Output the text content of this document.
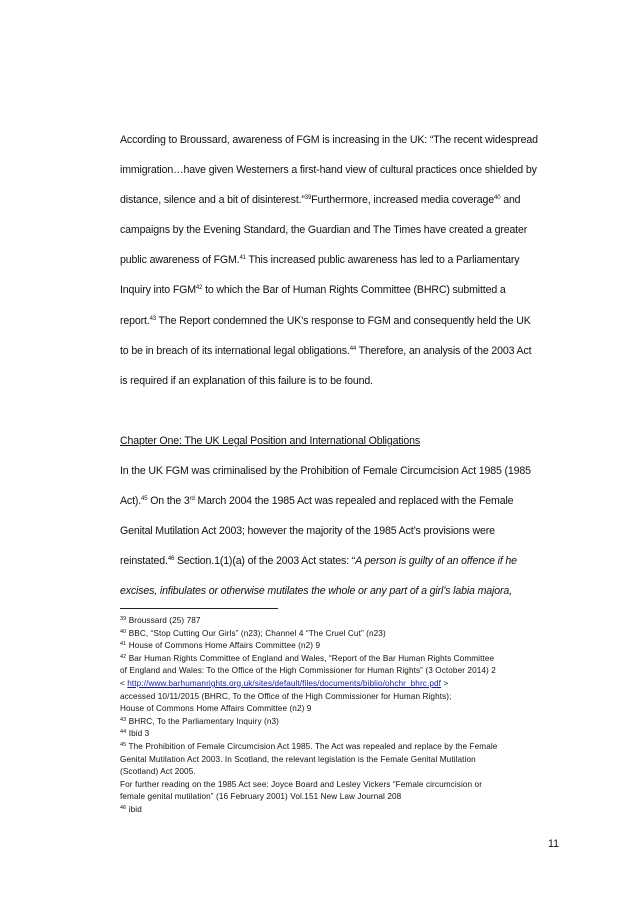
According to Broussard, awareness of FGM is increasing in the UK: “The recent widespread
immigration…have given Westerners a first-hand view of cultural practices once shielded by
distance, silence and a bit of disinterest.”$^{39}$Furthermore, increased media coverage$^{40}$ and
campaigns by the Evening Standard, the Guardian and The Times have created a greater
public awareness of FGM.$^{41}$ This increased public awareness has led to a Parliamentary
Inquiry into FGM$^{42}$ to which the Bar of Human Rights Committee (BHRC) submitted a
report.$^{43}$ The Report condemned the UK’s response to FGM and consequently held the UK
to be in breach of its international legal obligations.$^{44}$ Therefore, an analysis of the 2003 Act
is required if an explanation of this failure is to be found.
Chapter One: The UK Legal Position and International Obligations
In the UK FGM was criminalised by the Prohibition of Female Circumcision Act 1985 (1985
Act).$^{45}$ On the 3rd March 2004 the 1985 Act was repealed and replaced with the Female
Genital Mutilation Act 2003; however the majority of the 1985 Act’s provisions were
reinstated.$^{46}$ Section.1(1)(a) of the 2003 Act states: “A person is guilty of an offence if he
excises, infibulates or otherwise mutilates the whole or any part of a girl’s labia majora,
$^{39}$ Broussard (25) 787
$^{40}$ BBC, “Stop Cutting Our Girls” (n23); Channel 4 “The Cruel Cut” (n23)
$^{41}$ House of Commons Home Affairs Committee (n2) 9
$^{42}$ Bar Human Rights Committee of England and Wales, “Report of the Bar Human Rights Committee
of England and Wales: To the Office of the High Commissioner for Human Rights” (3 October 2014) 2
< http://www.barhumanrights.org.uk/sites/default/files/documents/biblio/ohchr_bhrc.pdf >
accessed 10/11/2015 (BHRC, To the Office of the High Commissioner for Human Rights);
House of Commons Home Affairs Committee (n2) 9
$^{43}$ BHRC, To the Parliamentary Inquiry (n3)
$^{44}$ Ibid 3
$^{45}$ The Prohibition of Female Circumcision Act 1985. The Act was repealed and replace by the Female
Genital Mutilation Act 2003. In Scotland, the relevant legislation is the Female Genital Mutilation
(Scotland) Act 2005.
For further reading on the 1985 Act see: Joyce Board and Lesley Vickers “Female circumcision or
female genital mutilation” (16 February 2001) Vol.151 New Law Journal 208
$^{46}$ ibid
11
